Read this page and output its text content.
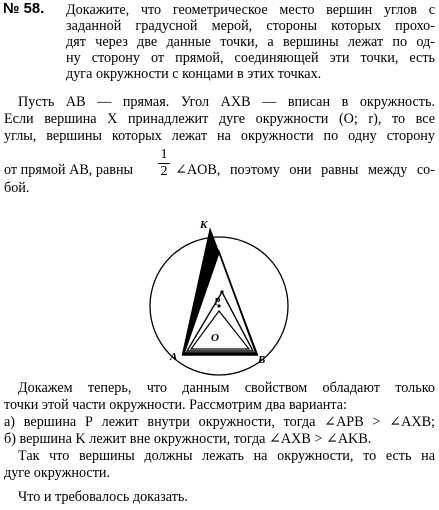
№ 58. Докажите, что геометрическое место вершин углов с
заданной градусной мерой, стороны которых прохо-
дят через две данные точки, а вершины лежат по од-
ну сторону от прямой, соединяющей эти точки, есть
дуга окружности с концами в этих точках.
Пусть АВ — прямая. Угол АХВ — вписан в окружность.
Если вершина X принадлежит дуге окружности (О; r), то все
углы, вершины которых лежат на окружности по одну сторону
от прямой АВ, равны
1
2 ∠AOB, поэтому они равны между со-
бой.
K
X
P
O
A	B
Докажем теперь, что данным свойством обладают только
точки этой части окружности. Рассмотрим два варианта:
а) вершина Р лежит внутри окружности, тогда ∠APB > ∠AXB;
б) вершина K лежит вне окружности, тогда ∠AXB > ∠AKB.
Так что вершины должны лежать на окружности, то есть на
дуге окружности.
Что и требовалось доказать.
